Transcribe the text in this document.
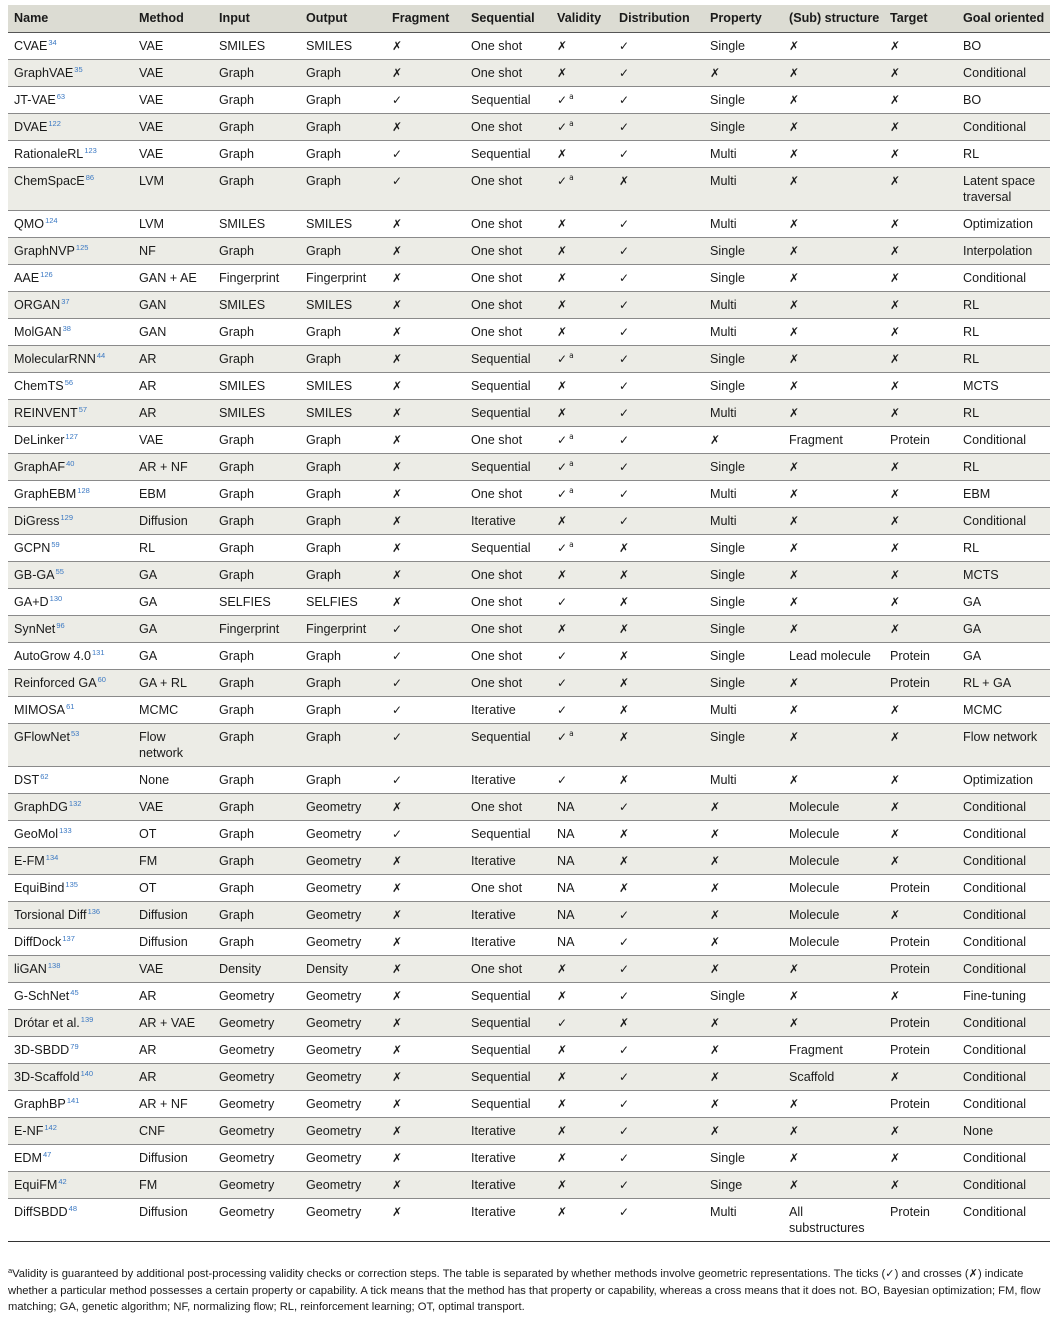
Name	Method	Input	Output	Fragment	Sequential	Validity	Distribution	Property	(Sub) structure	Target	Goal oriented
CVAE$^{34}$	VAE	SMILES	SMILES	✗	One shot	✗	✓	Single	✗	✗	BO
GraphVAE$^{35}$	VAE	Graph	Graph	✗	One shot	✗	✓	✗	✗	✗	Conditional
JT-VAE$^{63}$	VAE	Graph	Graph	✓	Sequential	✓ $^a$	✓	Single	✗	✗	BO
DVAE$^{122}$	VAE	Graph	Graph	✗	One shot	✓ $^a$	✓	Single	✗	✗	Conditional
RationaleRL$^{123}$	VAE	Graph	Graph	✓	Sequential	✗	✓	Multi	✗	✗	RL
ChemSpacE$^{86}$	LVM	Graph	Graph	✓	One shot	✓ $^a$	✗	Multi	✗	✗	Latent space traversal
QMO$^{124}$	LVM	SMILES	SMILES	✗	One shot	✗	✓	Multi	✗	✗	Optimization
GraphNVP$^{125}$	NF	Graph	Graph	✗	One shot	✗	✓	Single	✗	✗	Interpolation
AAE$^{126}$	GAN + AE	Fingerprint	Fingerprint	✗	One shot	✗	✓	Single	✗	✗	Conditional
ORGAN$^{37}$	GAN	SMILES	SMILES	✗	One shot	✗	✓	Multi	✗	✗	RL
MolGAN$^{38}$	GAN	Graph	Graph	✗	One shot	✗	✓	Multi	✗	✗	RL
MolecularRNN$^{44}$	AR	Graph	Graph	✗	Sequential	✓ $^a$	✓	Single	✗	✗	RL
ChemTS$^{56}$	AR	SMILES	SMILES	✗	Sequential	✗	✓	Single	✗	✗	MCTS
REINVENT$^{57}$	AR	SMILES	SMILES	✗	Sequential	✗	✓	Multi	✗	✗	RL
DeLinker$^{127}$	VAE	Graph	Graph	✗	One shot	✓ $^a$	✓	✗	Fragment	Protein	Conditional
GraphAF$^{40}$	AR + NF	Graph	Graph	✗	Sequential	✓ $^a$	✓	Single	✗	✗	RL
GraphEBM$^{128}$	EBM	Graph	Graph	✗	One shot	✓ $^a$	✓	Multi	✗	✗	EBM
DiGress$^{129}$	Diffusion	Graph	Graph	✗	Iterative	✗	✓	Multi	✗	✗	Conditional
GCPN$^{59}$	RL	Graph	Graph	✗	Sequential	✓ $^a$	✗	Single	✗	✗	RL
GB-GA$^{55}$	GA	Graph	Graph	✗	One shot	✗	✗	Single	✗	✗	MCTS
$GA+D^{130}$	GA	SELFIES	SELFIES	✗	One shot	✓	✗	Single	✗	✗	GA
SynNet$^{96}$	GA	Fingerprint	Fingerprint	✓	One shot	✗	✗	Single	✗	✗	GA
AutoGrow $4.0^{131}$	GA	Graph	Graph	✓	One shot	✓	✗	Single	Lead molecule	Protein	GA
Reinforced GA$^{60}$	GA + RL	Graph	Graph	✓	One shot	✓	✗	Single	✗	Protein	RL + GA
MIMOSA$^{61}$	MCMC	Graph	Graph	✓	Iterative	✓	✗	Multi	✗	✗	MCMC
GFlowNet$^{53}$	Flow network	Graph	Graph	✓	Sequential	✓ $^a$	✗	Single	✗	✗	Flow network
DST$^{62}$	None	Graph	Graph	✓	Iterative	✓	✗	Multi	✗	✗	Optimization
GraphDG$^{132}$	VAE	Graph	Geometry	✗	One shot	NA	✓	✗	Molecule	✗	Conditional
GeoMol$^{133}$	OT	Graph	Geometry	✓	Sequential	NA	✗	✗	Molecule	✗	Conditional
E-FM$^{134}$	FM	Graph	Geometry	✗	Iterative	NA	✗	✗	Molecule	✗	Conditional
EquiBind$^{135}$	OT	Graph	Geometry	✗	One shot	NA	✗	✗	Molecule	Protein	Conditional
Torsional Diff$^{136}$	Diffusion	Graph	Geometry	✗	Iterative	NA	✓	✗	Molecule	✗	Conditional
DiffDock$^{137}$	Diffusion	Graph	Geometry	✗	Iterative	NA	✓	✗	Molecule	Protein	Conditional
liGAN$^{138}$	VAE	Density	Density	✗	One shot	✗	✓	✗	✗	Protein	Conditional
G-SchNet$^{45}$	AR	Geometry	Geometry	✗	Sequential	✗	✓	Single	✗	✗	Fine-tuning
Drótar et al.$^{139}$	AR + VAE	Geometry	Geometry	✗	Sequential	✓	✗	✗	✗	Protein	Conditional
3D-SBDD$^{79}$	AR	Geometry	Geometry	✗	Sequential	✗	✓	✗	Fragment	Protein	Conditional
3D-Scaffold$^{140}$	AR	Geometry	Geometry	✗	Sequential	✗	✓	✗	Scaffold	✗	Conditional
GraphBP$^{141}$	AR + NF	Geometry	Geometry	✗	Sequential	✗	✓	✗	✗	Protein	Conditional
E-NF$^{142}$	CNF	Geometry	Geometry	✗	Iterative	✗	✓	✗	✗	✗	None
EDM$^{47}$	Diffusion	Geometry	Geometry	✗	Iterative	✗	✓	Single	✗	✗	Conditional
EquiFM$^{42}$	FM	Geometry	Geometry	✗	Iterative	✗	✓	Singe	✗	✗	Conditional
DiffSBDD$^{48}$	Diffusion	Geometry	Geometry	✗	Iterative	✗	✓	Multi	All substructures	Protein	Conditional
$^a$Validity is guaranteed by additional post-processing validity checks or correction steps. The table is separated by whether methods involve geometric representations. The ticks (✓) and crosses (✗) indicate whether a particular method possesses a certain property or capability. A tick means that the method has that property or capability, whereas a cross means that it does not. BO, Bayesian optimization; FM, flow matching; GA, genetic algorithm; NF, normalizing flow; RL, reinforcement learning; OT, optimal transport.
